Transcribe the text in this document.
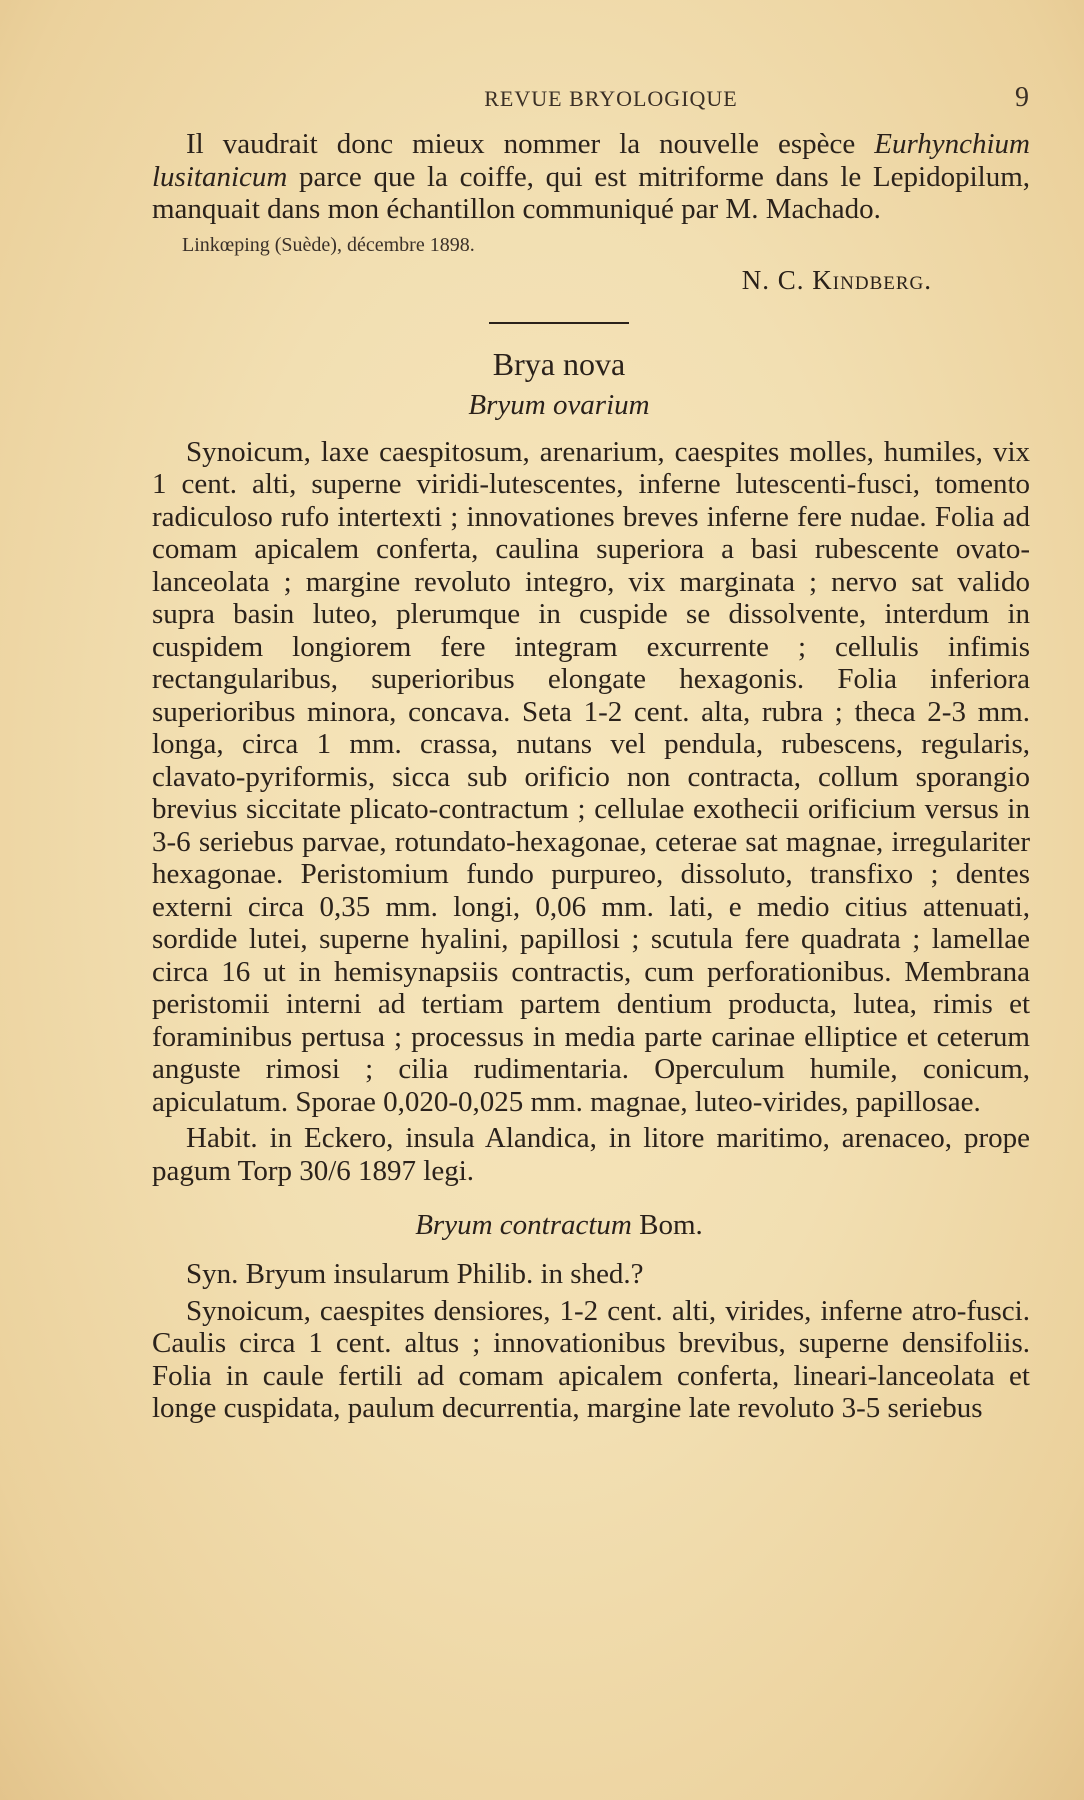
REVUE BRYOLOGIQUE	9

Il vaudrait donc mieux nommer la nouvelle espèce Eurhynchium lusitanicum parce que la coiffe, qui est mitriforme dans le Lepidopilum, manquait dans mon échantillon communiqué par M. Machado.

Linkœping (Suède), décembre 1898.
N. C. Kindberg.
Brya nova
Bryum ovarium

Synoicum, laxe caespitosum, arenarium, caespites molles, humiles, vix 1 cent. alti, superne viridi-lutescentes, inferne lutescenti-fusci, tomento radiculoso rufo intertexti ; innovationes breves inferne fere nudae. Folia ad comam apicalem conferta, caulina superiora a basi rubescente ovato-lanceolata ; margine revoluto integro, vix marginata ; nervo sat valido supra basin luteo, plerumque in cuspide se dissolvente, interdum in cuspidem longiorem fere integram excurrente ; cellulis infimis rectangularibus, superioribus elongate hexagonis. Folia inferiora superioribus minora, concava. Seta 1-2 cent. alta, rubra ; theca 2-3 mm. longa, circa 1 mm. crassa, nutans vel pendula, rubescens, regularis, clavato-pyriformis, sicca sub orificio non contracta, collum sporangio brevius siccitate plicato-contractum ; cellulae exothecii orificium versus in 3-6 seriebus parvae, rotundato-hexagonae, ceterae sat magnae, irregulariter hexagonae. Peristomium fundo purpureo, dissoluto, transfixo ; dentes externi circa 0,35 mm. longi, 0,06 mm. lati, e medio citius attenuati, sordide lutei, superne hyalini, papillosi ; scutula fere quadrata ; lamellae circa 16 ut in hemisynapsiis contractis, cum perforationibus. Membrana peristomii interni ad tertiam partem dentium producta, lutea, rimis et foraminibus pertusa ; processus in media parte carinae elliptice et ceterum anguste rimosi ; cilia rudimentaria. Operculum humile, conicum, apiculatum. Sporae 0,020-0,025 mm. magnae, luteo-virides, papillosae.

Habit. in Eckero, insula Alandica, in litore maritimo, arenaceo, prope pagum Torp 30/6 1897 legi.

Bryum contractum Bom.

Syn. Bryum insularum Philib. in shed.?

Synoicum, caespites densiores, 1-2 cent. alti, virides, inferne atro-fusci. Caulis circa 1 cent. altus ; innovationibus brevibus, superne densifoliis. Folia in caule fertili ad comam apicalem conferta, lineari-lanceolata et longe cuspidata, paulum decurrentia, margine late revoluto 3-5 seriebus
